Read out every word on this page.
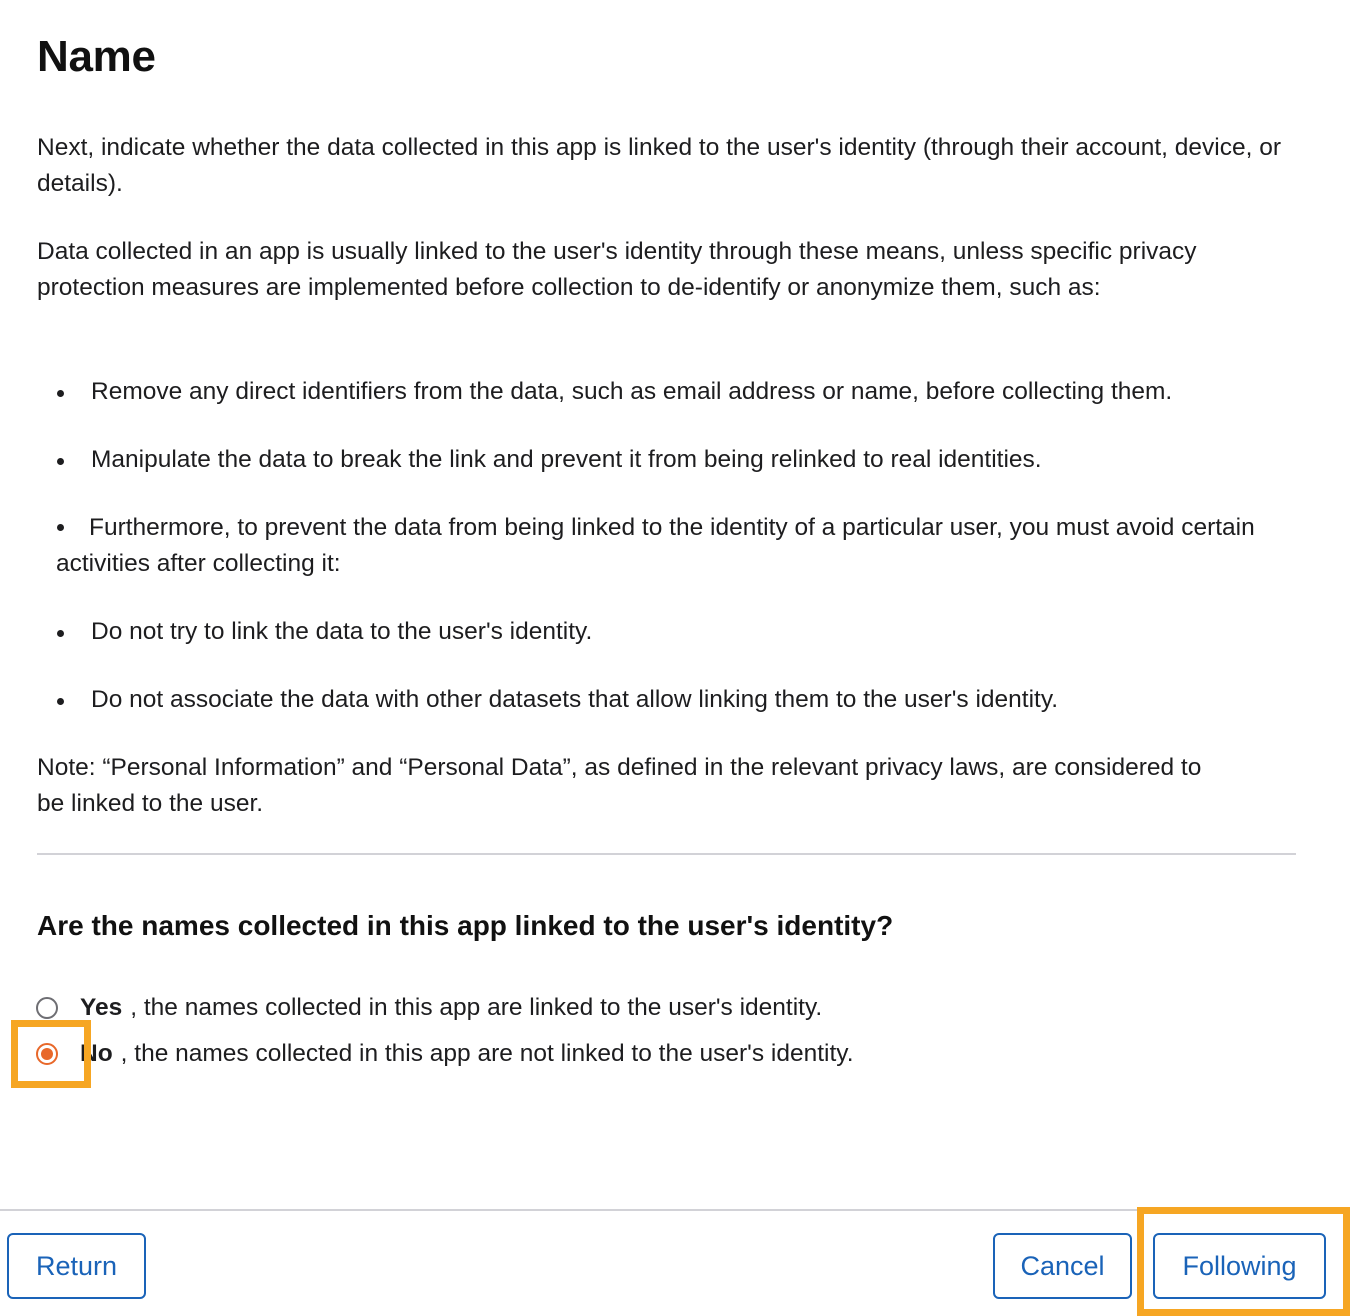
Name

Next, indicate whether the data collected in this app is linked to the user's identity (through their account, device, or details).

Data collected in an app is usually linked to the user's identity through these means, unless specific privacy protection measures are implemented before collection to de-identify or anonymize them, such as:

Remove any direct identifiers from the data, such as email address or name, before collecting them.
Manipulate the data to break the link and prevent it from being relinked to real identities.
Furthermore, to prevent the data from being linked to the identity of a particular user, you must avoid certain activities after collecting it:
Do not try to link the data to the user's identity.
Do not associate the data with other datasets that allow linking them to the user's identity.

Note: “Personal Information” and “Personal Data”, as defined in the relevant privacy laws, are considered to be linked to the user.

Are the names collected in this app linked to the user's identity?
Yes , the names collected in this app are linked to the user's identity.
No , the names collected in this app are not linked to the user's identity.
Return	Cancel	Following
